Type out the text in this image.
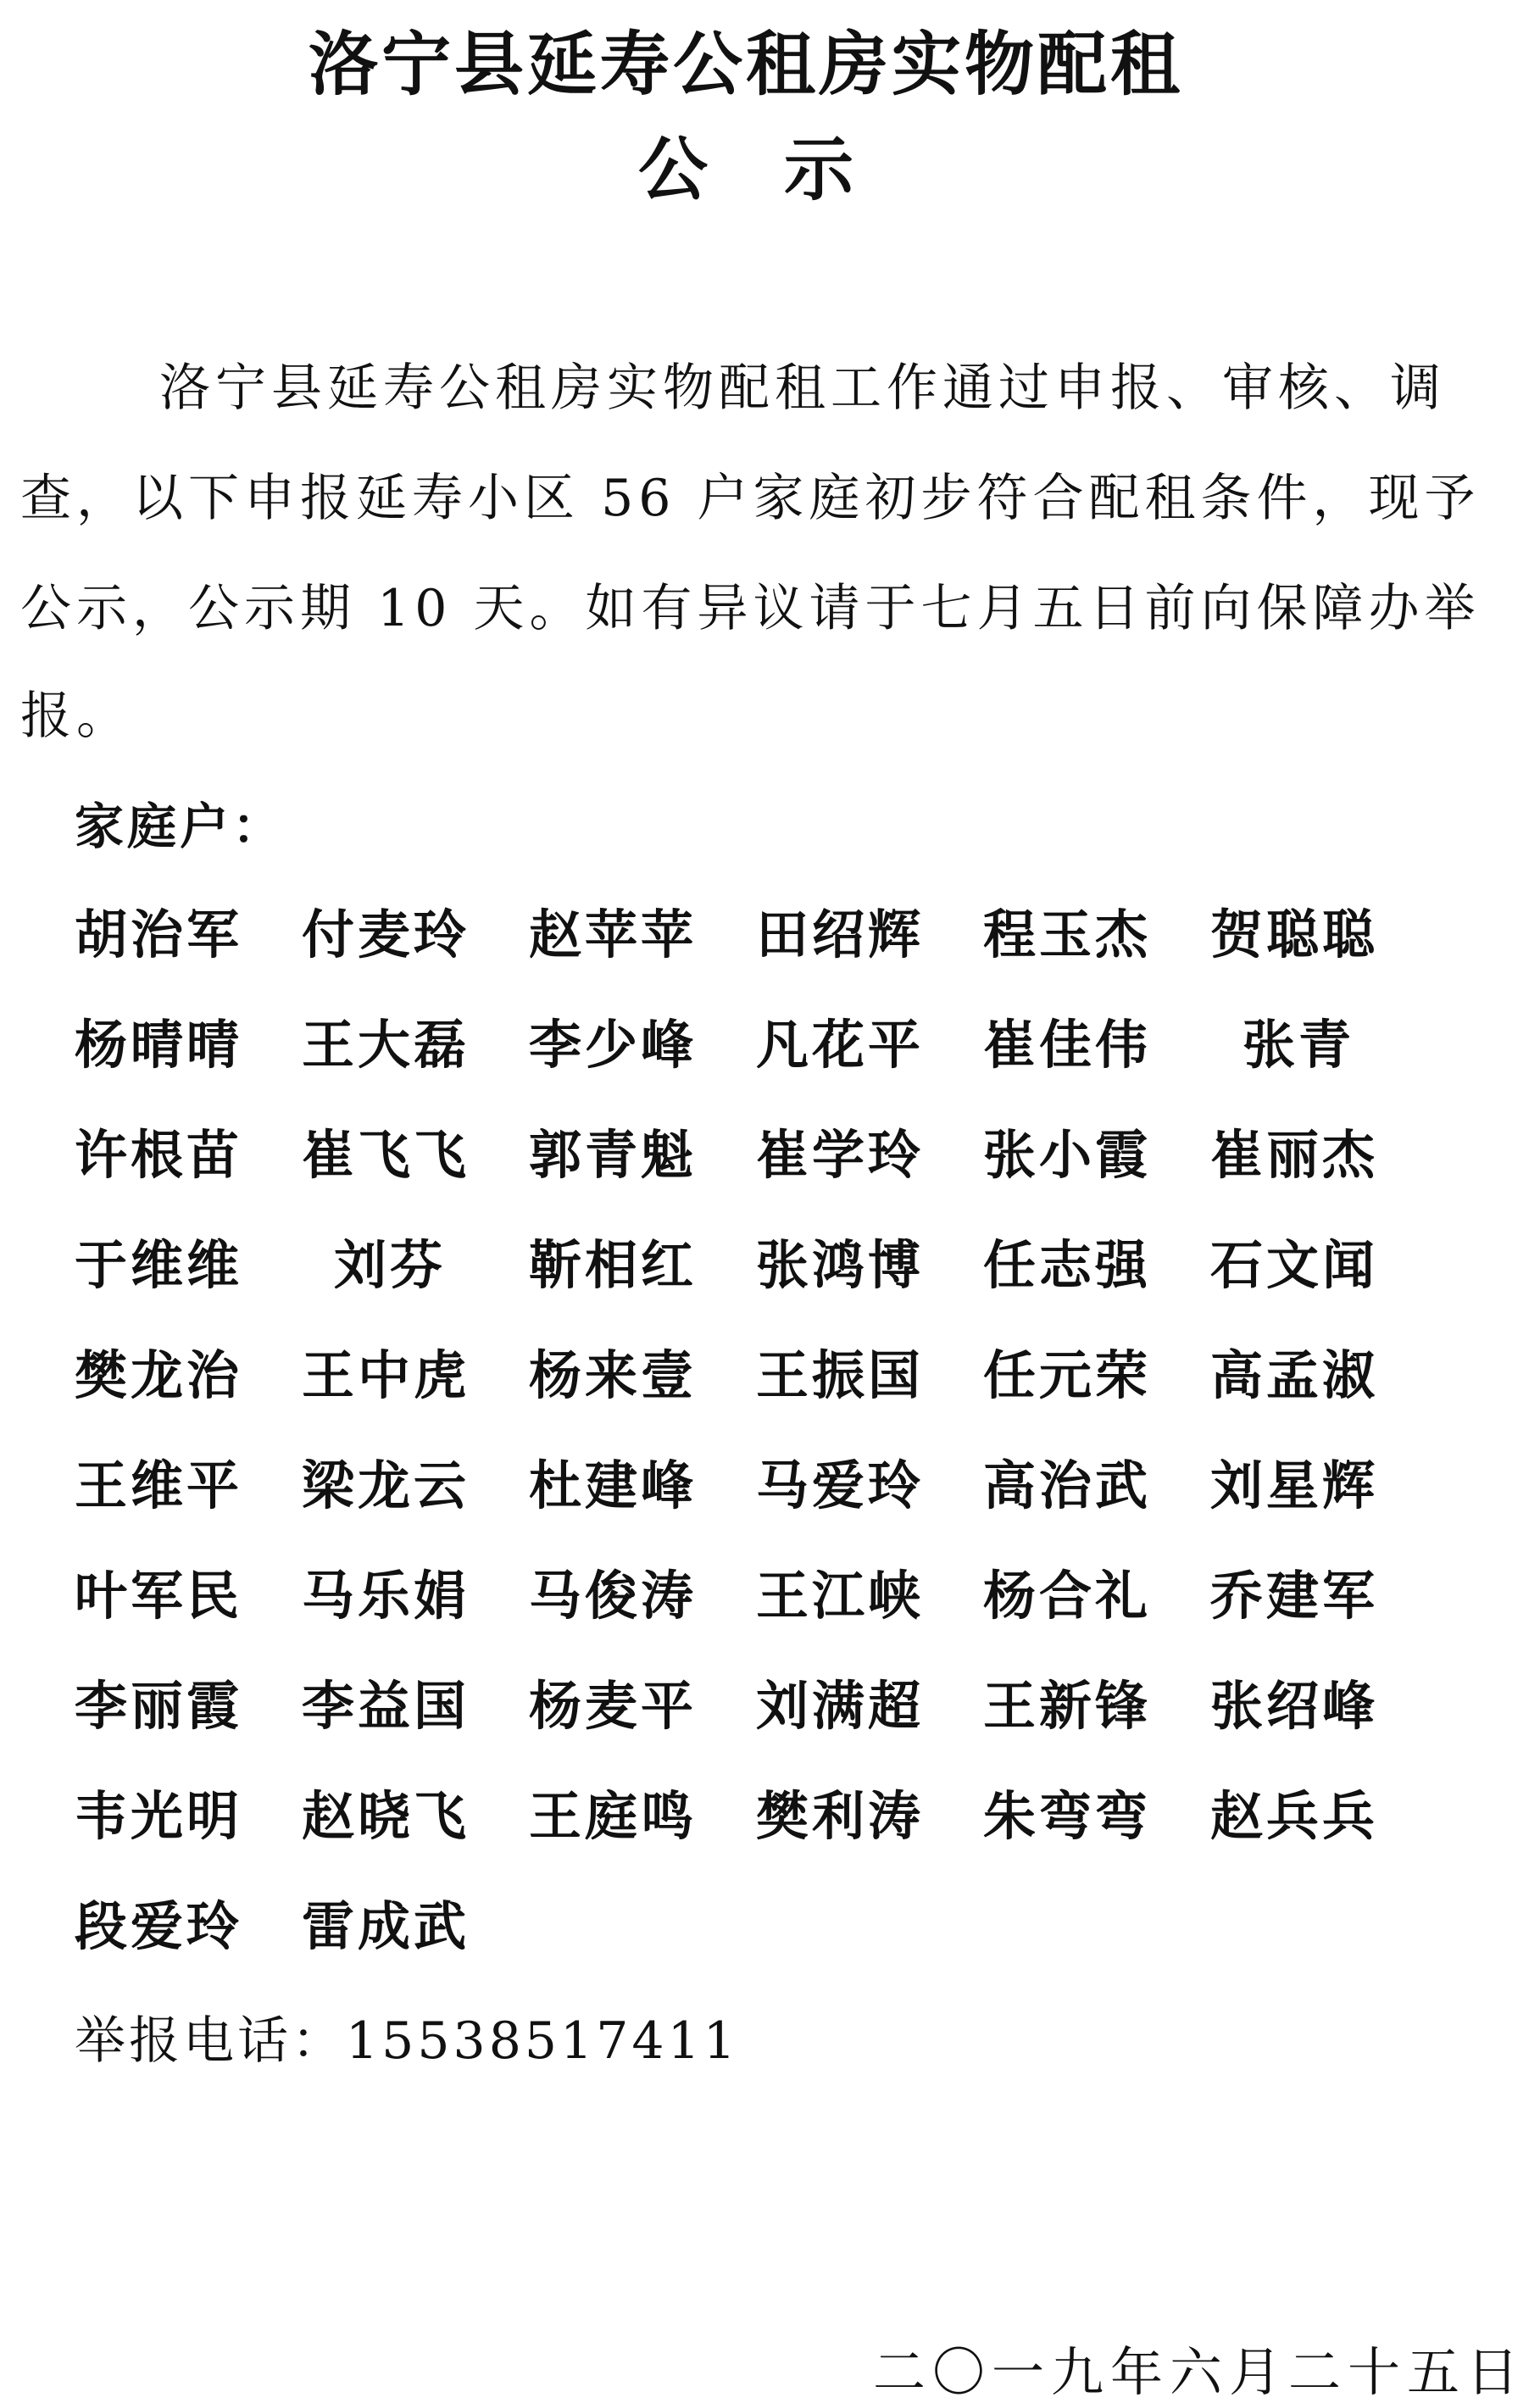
洛宁县延寿公租房实物配租
公示
洛宁县延寿公租房实物配租工作通过申报、审核、调
查，以下申报延寿小区 56 户家庭初步符合配租条件，现予
公示，公示期 10 天。如有异议请于七月五日前向保障办举
报。
家庭户：
胡治军 付麦玲 赵苹苹 田绍辉 程玉杰 贺聪聪
杨晴晴 王大磊 李少峰 凡花平 崔佳伟 张青
许根苗 崔飞飞 郭青魁 崔学玲 张小霞 崔丽杰
于维维 刘芬 靳相红 张鸿博 任志强 石文闻
樊龙治 王中虎 杨来壹 王振国 任元荣 高孟淑
王维平 梁龙云 杜建峰 马爱玲 高治武 刘星辉
叶军民 马乐娟 马俊涛 王江峡 杨合礼 乔建军
李丽霞 李益国 杨麦平 刘满超 王新锋 张绍峰
韦光明 赵晓飞 王庭鸣 樊利涛 朱弯弯 赵兵兵
段爱玲 雷成武
举报电话：15538517411
二〇一九年六月二十五日
